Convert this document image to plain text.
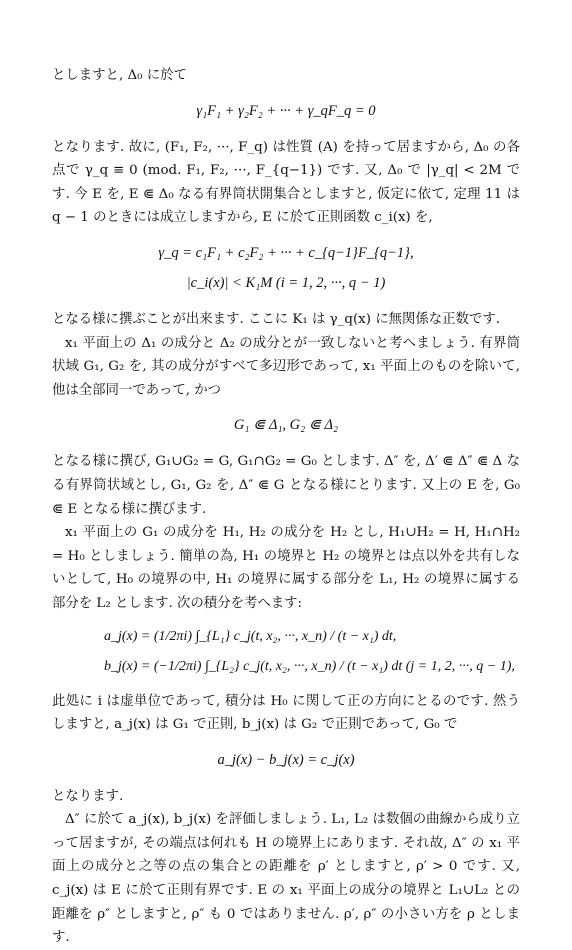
としますと, Δ₀ に於て

γ₁F₁ + γ₂F₂ + ··· + γ_qF_q = 0

となります. 故に, (F₁, F₂, ···, F_q) は性質 (A) を持って居ますから, Δ₀ の各点で γ_q ≡ 0 (mod. F₁, F₂, ···, F_{q−1}) です. 又, Δ₀ で |γ_q| < 2M です. 今 E を, E ⋐ Δ₀ なる有界筒状開集合としますと, 仮定に依て, 定理 11 は q − 1 のときには成立しますから, E に於て正則函数 c_i(x) を,

γ_q = c₁F₁ + c₂F₂ + ··· + c_{q−1}F_{q−1},
|c_i(x)| < K₁M (i = 1, 2, ···, q − 1)

となる様に撰ぶことが出来ます. ここに K₁ は γ_q(x) に無関係な正数です.

x₁ 平面上の Δ₁ の成分と Δ₂ の成分とが一致しないと考へましょう. 有界筒状域 G₁, G₂ を, 其の成分がすべて多辺形であって, x₁ 平面上のものを除いて, 他は全部同一であって, かつ

G₁ ⋐ Δ₁, G₂ ⋐ Δ₂

となる様に撰び, G₁∪G₂ = G, G₁∩G₂ = G₀ とします. Δ″ を, Δ′ ⋐ Δ″ ⋐ Δ なる有界筒状域とし, G₁, G₂ を, Δ″ ⋐ G となる様にとります. 又上の E を, G₀ ⋐ E となる様に撰びます.

x₁ 平面上の G₁ の成分を H₁, H₂ の成分を H₂ とし, H₁∪H₂ = H, H₁∩H₂ = H₀ としましょう. 簡単の為, H₁ の境界と H₂ の境界とは点以外を共有しないとして, H₀ の境界の中, H₁ の境界に属する部分を L₁, H₂ の境界に属する部分を L₂ とします. 次の積分を考へます:

a_j(x) = (1/2πi) ∫_{L₁} c_j(t, x₂, ···, x_n) / (t − x₁) dt,
b_j(x) = (−1/2πi) ∫_{L₂} c_j(t, x₂, ···, x_n) / (t − x₁) dt (j = 1, 2, ···, q − 1),

此処に i は虚単位であって, 積分は H₀ に関して正の方向にとるのです. 然うしますと, a_j(x) は G₁ で正則, b_j(x) は G₂ で正則であって, G₀ で

a_j(x) − b_j(x) = c_j(x)

となります.

Δ″ に於て a_j(x), b_j(x) を評価しましょう. L₁, L₂ は数個の曲線から成り立って居ますが, その端点は何れも H の境界上にあります. それ故, Δ″ の x₁ 平面上の成分と之等の点の集合との距離を ρ′ としますと, ρ′ > 0 です. 又, c_j(x) は E に於て正則有界です. E の x₁ 平面上の成分の境界と L₁∪L₂ との距離を ρ″ としますと, ρ″ も 0 ではありません. ρ′, ρ″ の小さい方を ρ とします.
